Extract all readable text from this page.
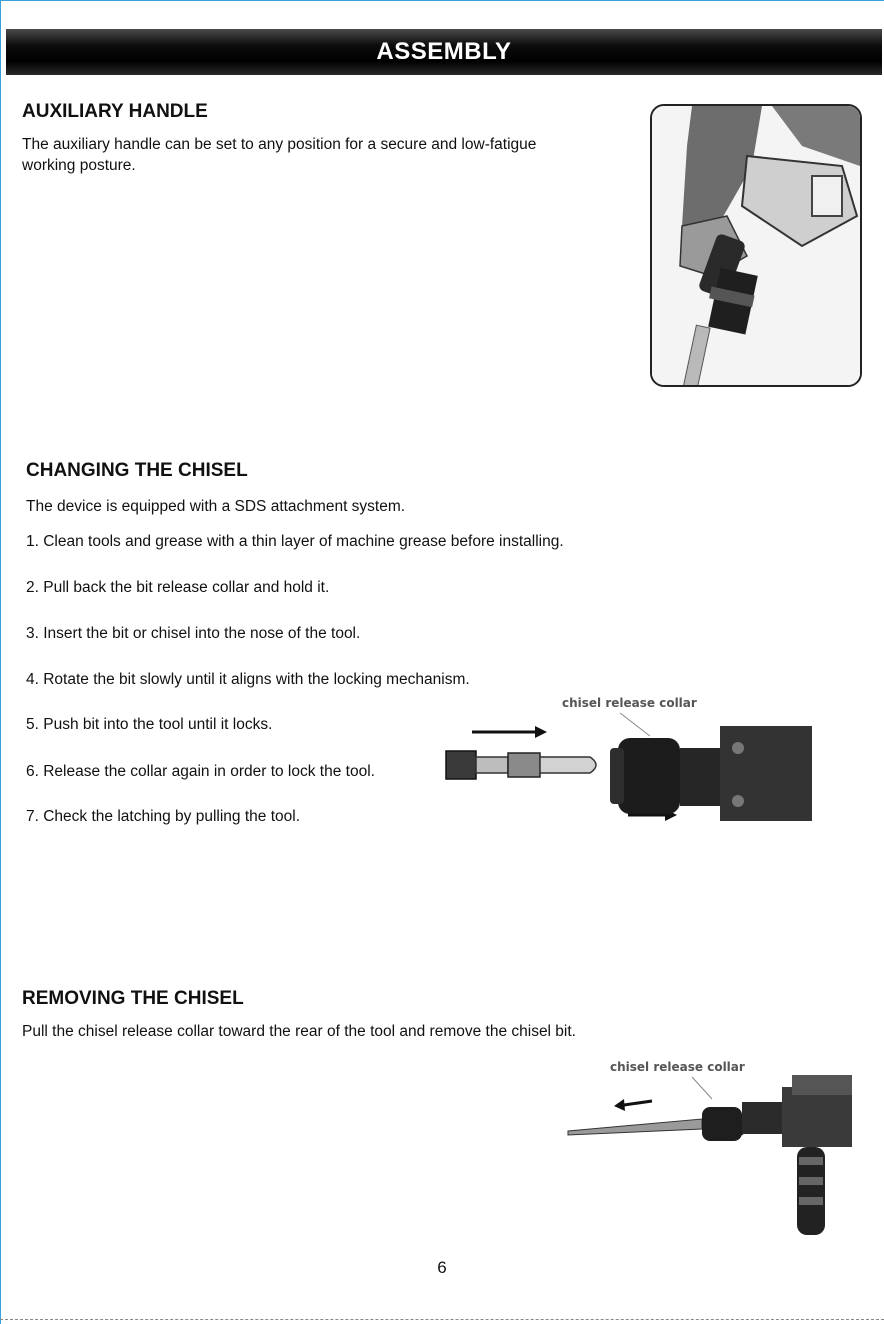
ASSEMBLY
AUXILIARY HANDLE

The auxiliary handle can be set to any position for a secure and low-fatigue

working posture.

CHANGING THE CHISEL

The device is equipped with a SDS attachment system.

1. Clean tools and grease with a thin layer of machine grease before installing.

2. Pull back the bit release collar and hold it.

3. Insert the bit or chisel into the nose of the tool.

4. Rotate the bit slowly until it aligns with the locking mechanism.

5. Push bit into the tool until it locks.

6. Release the collar again in order to lock the tool.

7. Check the latching by pulling the tool.

chisel release collar
REMOVING THE CHISEL

Pull the chisel release collar toward the rear of the tool and remove the chisel bit.

chisel release collar
6
